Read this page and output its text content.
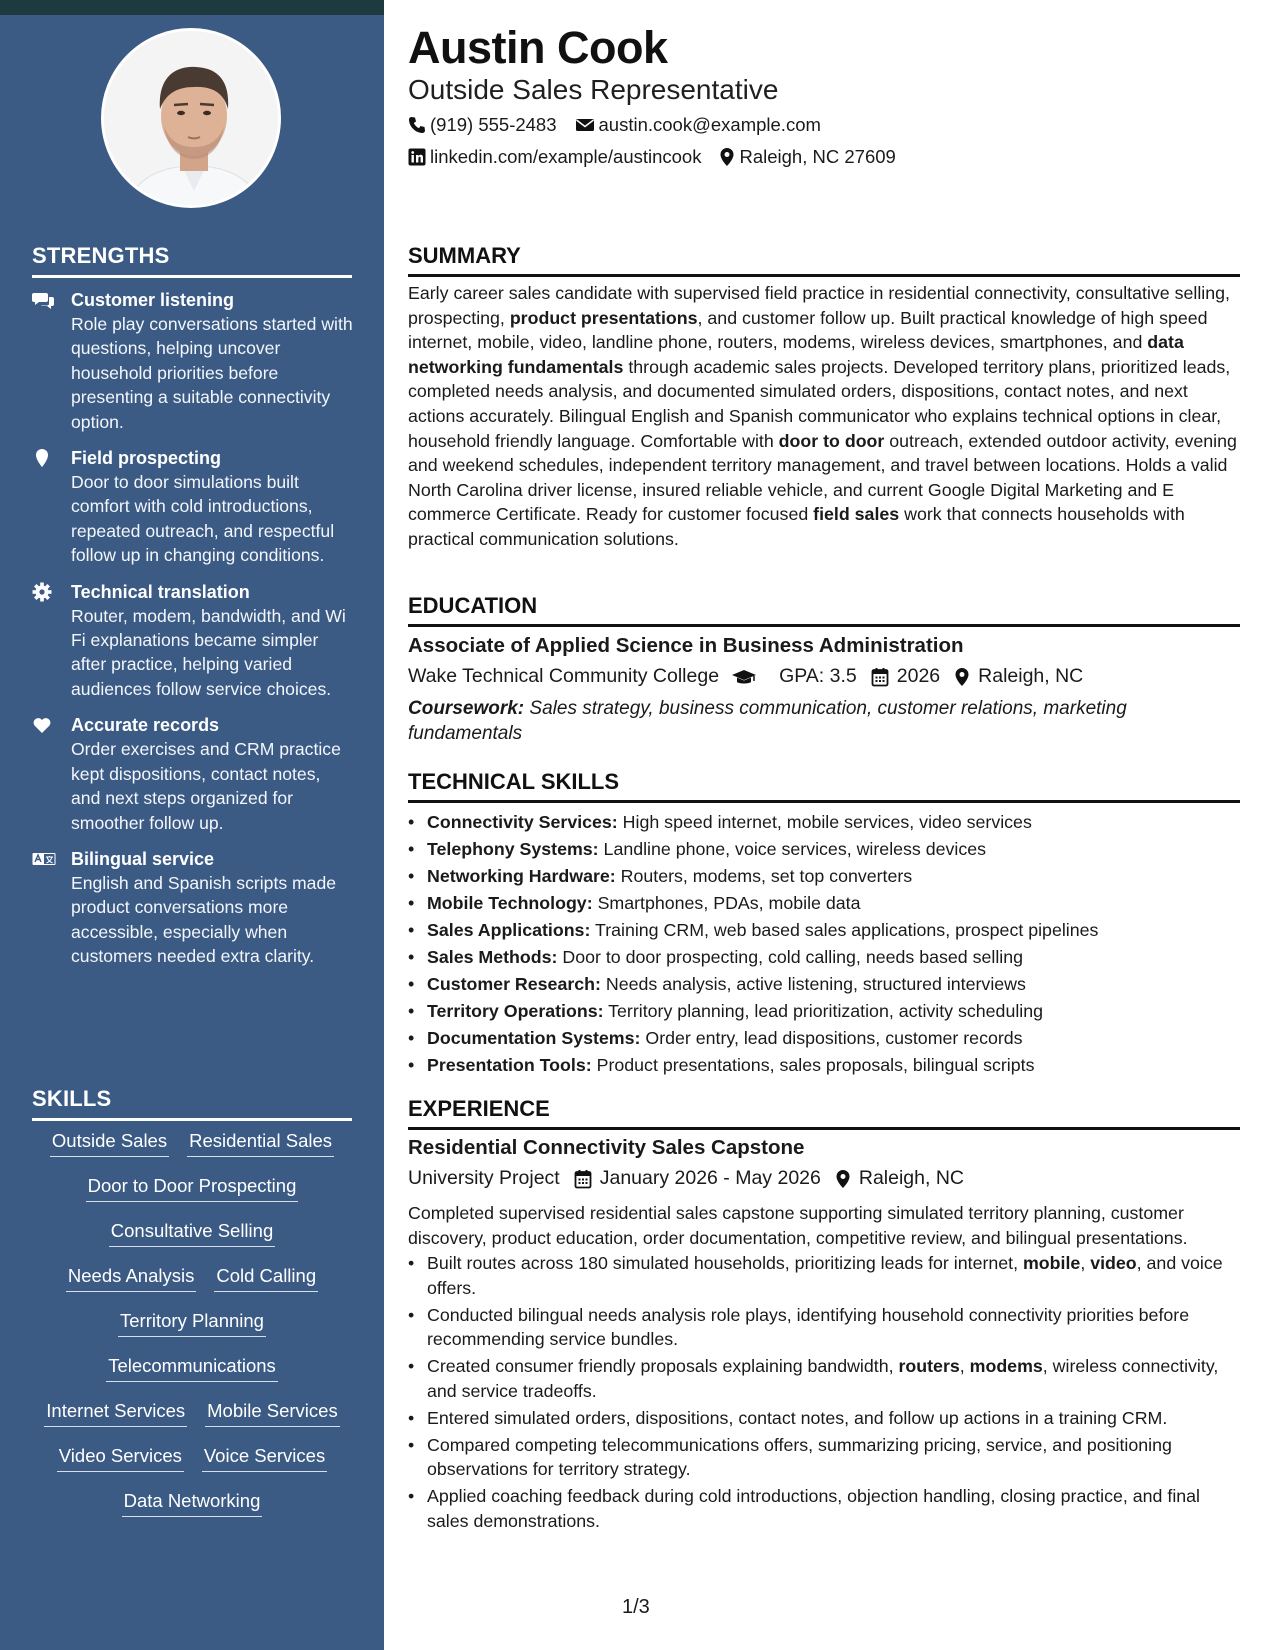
STRENGTHS
Customer listening
Role play conversations started with questions, helping uncover household priorities before presenting a suitable connectivity option.
Field prospecting
Door to door simulations built comfort with cold introductions, repeated outreach, and respectful follow up in changing conditions.
Technical translation
Router, modem, bandwidth, and Wi Fi explanations became simpler after practice, helping varied audiences follow service choices.
Accurate records
Order exercises and CRM practice kept dispositions, contact notes, and next steps organized for smoother follow up.
Bilingual service
English and Spanish scripts made product conversations more accessible, especially when customers needed extra clarity.
SKILLS
Outside Sales Residential Sales
Door to Door Prospecting
Consultative Selling
Needs Analysis Cold Calling
Territory Planning
Telecommunications
Internet Services Mobile Services
Video Services Voice Services
Data Networking
Austin Cook
Outside Sales Representative
(919) 555-2483 austin.cook@example.com
linkedin.com/example/austincook Raleigh, NC 27609
SUMMARY
Early career sales candidate with supervised field practice in residential connectivity, consultative selling, prospecting, product presentations, and customer follow up. Built practical knowledge of high speed internet, mobile, video, landline phone, routers, modems, wireless devices, smartphones, and data networking fundamentals through academic sales projects. Developed territory plans, prioritized leads, completed needs analysis, and documented simulated orders, dispositions, contact notes, and next actions accurately. Bilingual English and Spanish communicator who explains technical options in clear, household friendly language. Comfortable with door to door outreach, extended outdoor activity, evening and weekend schedules, independent territory management, and travel between locations. Holds a valid North Carolina driver license, insured reliable vehicle, and current Google Digital Marketing and E commerce Certificate. Ready for customer focused field sales work that connects households with practical communication solutions.
EDUCATION
Associate of Applied Science in Business Administration
Wake Technical Community College	GPA: 3.5 2026 Raleigh, NC
Coursework: Sales strategy, business communication, customer relations, marketing fundamentals
TECHNICAL SKILLS
• Connectivity Services: High speed internet, mobile services, video services
• Telephony Systems: Landline phone, voice services, wireless devices
• Networking Hardware: Routers, modems, set top converters
• Mobile Technology: Smartphones, PDAs, mobile data
• Sales Applications: Training CRM, web based sales applications, prospect pipelines
• Sales Methods: Door to door prospecting, cold calling, needs based selling
• Customer Research: Needs analysis, active listening, structured interviews
• Territory Operations: Territory planning, lead prioritization, activity scheduling
• Documentation Systems: Order entry, lead dispositions, customer records
• Presentation Tools: Product presentations, sales proposals, bilingual scripts
EXPERIENCE
Residential Connectivity Sales Capstone
University Project January 2026 - May 2026 Raleigh, NC
Completed supervised residential sales capstone supporting simulated territory planning, customer discovery, product education, order documentation, competitive review, and bilingual presentations.
• Built routes across 180 simulated households, prioritizing leads for internet, mobile, video, and voice offers.
• Conducted bilingual needs analysis role plays, identifying household connectivity priorities before recommending service bundles.
• Created consumer friendly proposals explaining bandwidth, routers, modems, wireless connectivity, and service tradeoffs.
• Entered simulated orders, dispositions, contact notes, and follow up actions in a training CRM.
• Compared competing telecommunications offers, summarizing pricing, service, and positioning observations for territory strategy.
• Applied coaching feedback during cold introductions, objection handling, closing practice, and final sales demonstrations.
1/3
